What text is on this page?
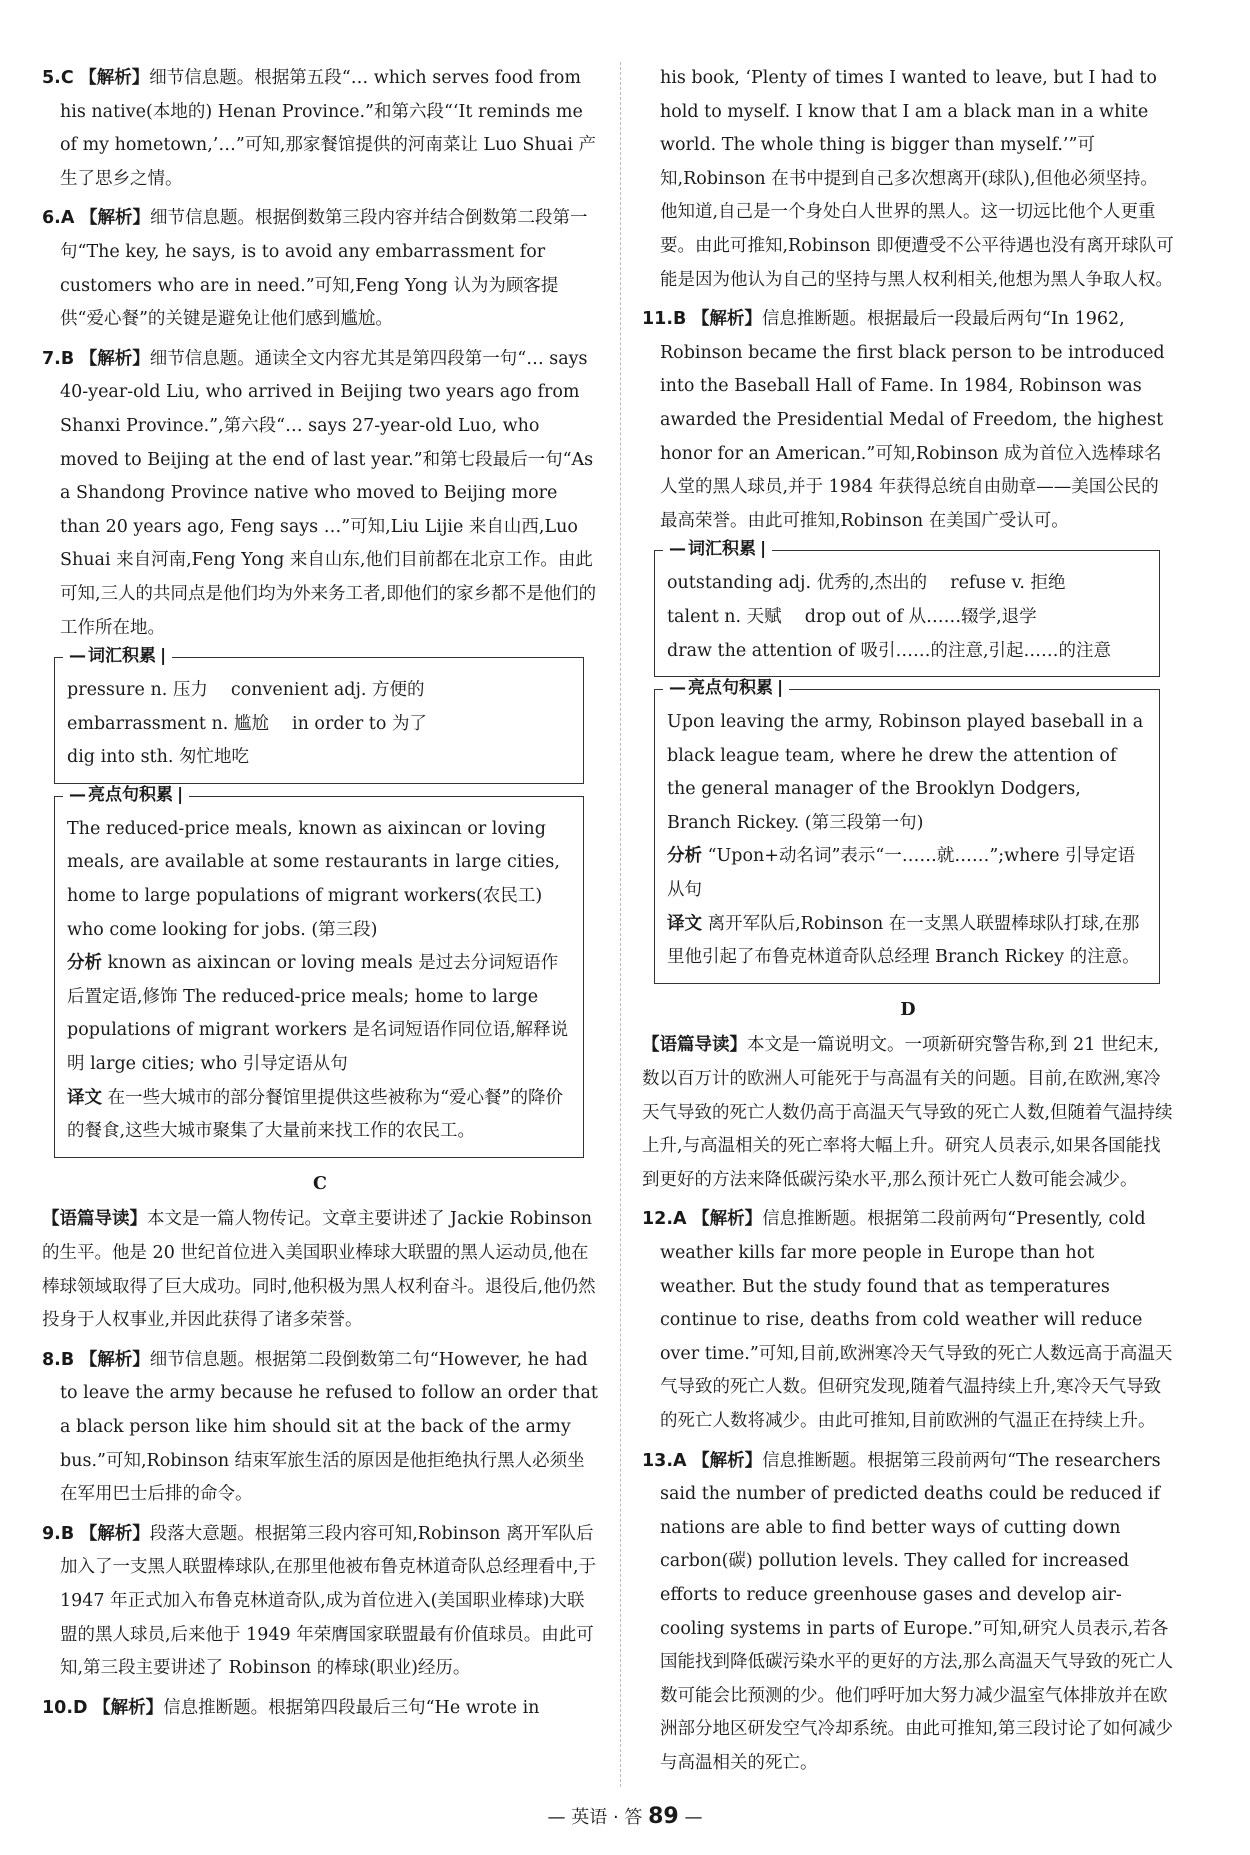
5.C 【解析】细节信息题。根据第五段“… which serves food from his native(本地的) Henan Province.”和第六段“‘It reminds me of my hometown,’…”可知,那家餐馆提供的河南菜让 Luo Shuai 产生了思乡之情。

6.A 【解析】细节信息题。根据倒数第三段内容并结合倒数第二段第一句“The key, he says, is to avoid any embarrassment for customers who are in need.”可知,Feng Yong 认为为顾客提供“爱心餐”的关键是避免让他们感到尴尬。

7.B 【解析】细节信息题。通读全文内容尤其是第四段第一句“… says 40-year-old Liu, who arrived in Beijing two years ago from Shanxi Province.”,第六段“… says 27-year-old Luo, who moved to Beijing at the end of last year.”和第七段最后一句“As a Shandong Province native who moved to Beijing more than 20 years ago, Feng says …”可知,Liu Lijie 来自山西,Luo Shuai 来自河南,Feng Yong 来自山东,他们目前都在北京工作。由此可知,三人的共同点是他们均为外来务工者,即他们的家乡都不是他们的工作所在地。

— 词汇积累 |

pressure n. 压力　 convenient adj. 方便的

embarrassment n. 尴尬　 in order to 为了

dig into sth. 匆忙地吃

— 亮点句积累 |

The reduced-price meals, known as aixincan or loving meals, are available at some restaurants in large cities, home to large populations of migrant workers(农民工) who come looking for jobs. (第三段)

分析 known as aixincan or loving meals 是过去分词短语作后置定语,修饰 The reduced-price meals; home to large populations of migrant workers 是名词短语作同位语,解释说明 large cities; who 引导定语从句

译文 在一些大城市的部分餐馆里提供这些被称为“爱心餐”的降价的餐食,这些大城市聚集了大量前来找工作的农民工。

C

【语篇导读】本文是一篇人物传记。文章主要讲述了 Jackie Robinson 的生平。他是 20 世纪首位进入美国职业棒球大联盟的黑人运动员,他在棒球领域取得了巨大成功。同时,他积极为黑人权利奋斗。退役后,他仍然投身于人权事业,并因此获得了诸多荣誉。

8.B 【解析】细节信息题。根据第二段倒数第二句“However, he had to leave the army because he refused to follow an order that a black person like him should sit at the back of the army bus.”可知,Robinson 结束军旅生活的原因是他拒绝执行黑人必须坐在军用巴士后排的命令。

9.B 【解析】段落大意题。根据第三段内容可知,Robinson 离开军队后加入了一支黑人联盟棒球队,在那里他被布鲁克林道奇队总经理看中,于 1947 年正式加入布鲁克林道奇队,成为首位进入(美国职业棒球)大联盟的黑人球员,后来他于 1949 年荣膺国家联盟最有价值球员。由此可知,第三段主要讲述了 Robinson 的棒球(职业)经历。

10.D 【解析】信息推断题。根据第四段最后三句“He wrote in

his book, ‘Plenty of times I wanted to leave, but I had to hold to myself. I know that I am a black man in a white world. The whole thing is bigger than myself.’”可知,Robinson 在书中提到自己多次想离开(球队),但他必须坚持。他知道,自己是一个身处白人世界的黑人。这一切远比他个人更重要。由此可推知,Robinson 即便遭受不公平待遇也没有离开球队可能是因为他认为自己的坚持与黑人权利相关,他想为黑人争取人权。

11.B 【解析】信息推断题。根据最后一段最后两句“In 1962, Robinson became the first black person to be introduced into the Baseball Hall of Fame. In 1984, Robinson was awarded the Presidential Medal of Freedom, the highest honor for an American.”可知,Robinson 成为首位入选棒球名人堂的黑人球员,并于 1984 年获得总统自由勋章——美国公民的最高荣誉。由此可推知,Robinson 在美国广受认可。

— 词汇积累 |

outstanding adj. 优秀的,杰出的　 refuse v. 拒绝

talent n. 天赋　 drop out of 从……辍学,退学

draw the attention of 吸引……的注意,引起……的注意

— 亮点句积累 |

Upon leaving the army, Robinson played baseball in a black league team, where he drew the attention of the general manager of the Brooklyn Dodgers, Branch Rickey. (第三段第一句)

分析 “Upon+动名词”表示“一……就……”;where 引导定语从句

译文 离开军队后,Robinson 在一支黑人联盟棒球队打球,在那里他引起了布鲁克林道奇队总经理 Branch Rickey 的注意。

D

【语篇导读】本文是一篇说明文。一项新研究警告称,到 21 世纪末,数以百万计的欧洲人可能死于与高温有关的问题。目前,在欧洲,寒冷天气导致的死亡人数仍高于高温天气导致的死亡人数,但随着气温持续上升,与高温相关的死亡率将大幅上升。研究人员表示,如果各国能找到更好的方法来降低碳污染水平,那么预计死亡人数可能会减少。

12.A 【解析】信息推断题。根据第二段前两句“Presently, cold weather kills far more people in Europe than hot weather. But the study found that as temperatures continue to rise, deaths from cold weather will reduce over time.”可知,目前,欧洲寒冷天气导致的死亡人数远高于高温天气导致的死亡人数。但研究发现,随着气温持续上升,寒冷天气导致的死亡人数将减少。由此可推知,目前欧洲的气温正在持续上升。

13.A 【解析】信息推断题。根据第三段前两句“The researchers said the number of predicted deaths could be reduced if nations are able to find better ways of cutting down carbon(碳) pollution levels. They called for increased efforts to reduce greenhouse gases and develop air-cooling systems in parts of Europe.”可知,研究人员表示,若各国能找到降低碳污染水平的更好的方法,那么高温天气导致的死亡人数可能会比预测的少。他们呼吁加大努力减少温室气体排放并在欧洲部分地区研发空气冷却系统。由此可推知,第三段讨论了如何减少与高温相关的死亡。

— 英语 · 答 89 —
